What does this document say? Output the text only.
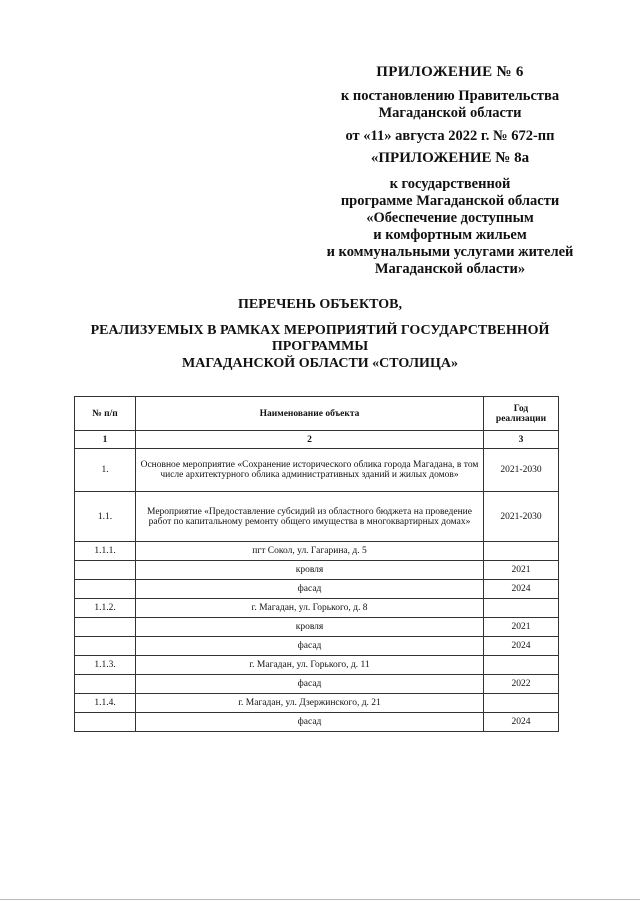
ПРИЛОЖЕНИЕ № 6
к постановлению Правительства
Магаданской области
от «11» августа 2022 г. № 672-пп
«ПРИЛОЖЕНИЕ № 8а
к государственной
программе Магаданской области
«Обеспечение доступным
и комфортным жильем
и коммунальными услугами жителей
Магаданской области»
ПЕРЕЧЕНЬ ОБЪЕКТОВ,
РЕАЛИЗУЕМЫХ В РАМКАХ МЕРОПРИЯТИЙ ГОСУДАРСТВЕННОЙ
ПРОГРАММЫ
МАГАДАНСКОЙ ОБЛАСТИ «СТОЛИЦА»
№ п/п	Наименование объекта	Год реализации
1	2	3
1.	Основное мероприятие «Сохранение исторического облика города Магадана, в том числе архитектурного облика административных зданий и жилых домов»	2021-2030
1.1.	Мероприятие «Предоставление субсидий из областного бюджета на проведение работ по капитальному ремонту общего имущества в многоквартирных домах»	2021-2030
1.1.1.	пгт Сокол, ул. Гагарина, д. 5	
	кровля	2021
	фасад	2024
1.1.2.	г. Магадан, ул. Горького, д. 8	
	кровля	2021
	фасад	2024
1.1.3.	г. Магадан, ул. Горького, д. 11	
	фасад	2022
1.1.4.	г. Магадан, ул. Дзержинского, д. 21	
	фасад	2024
